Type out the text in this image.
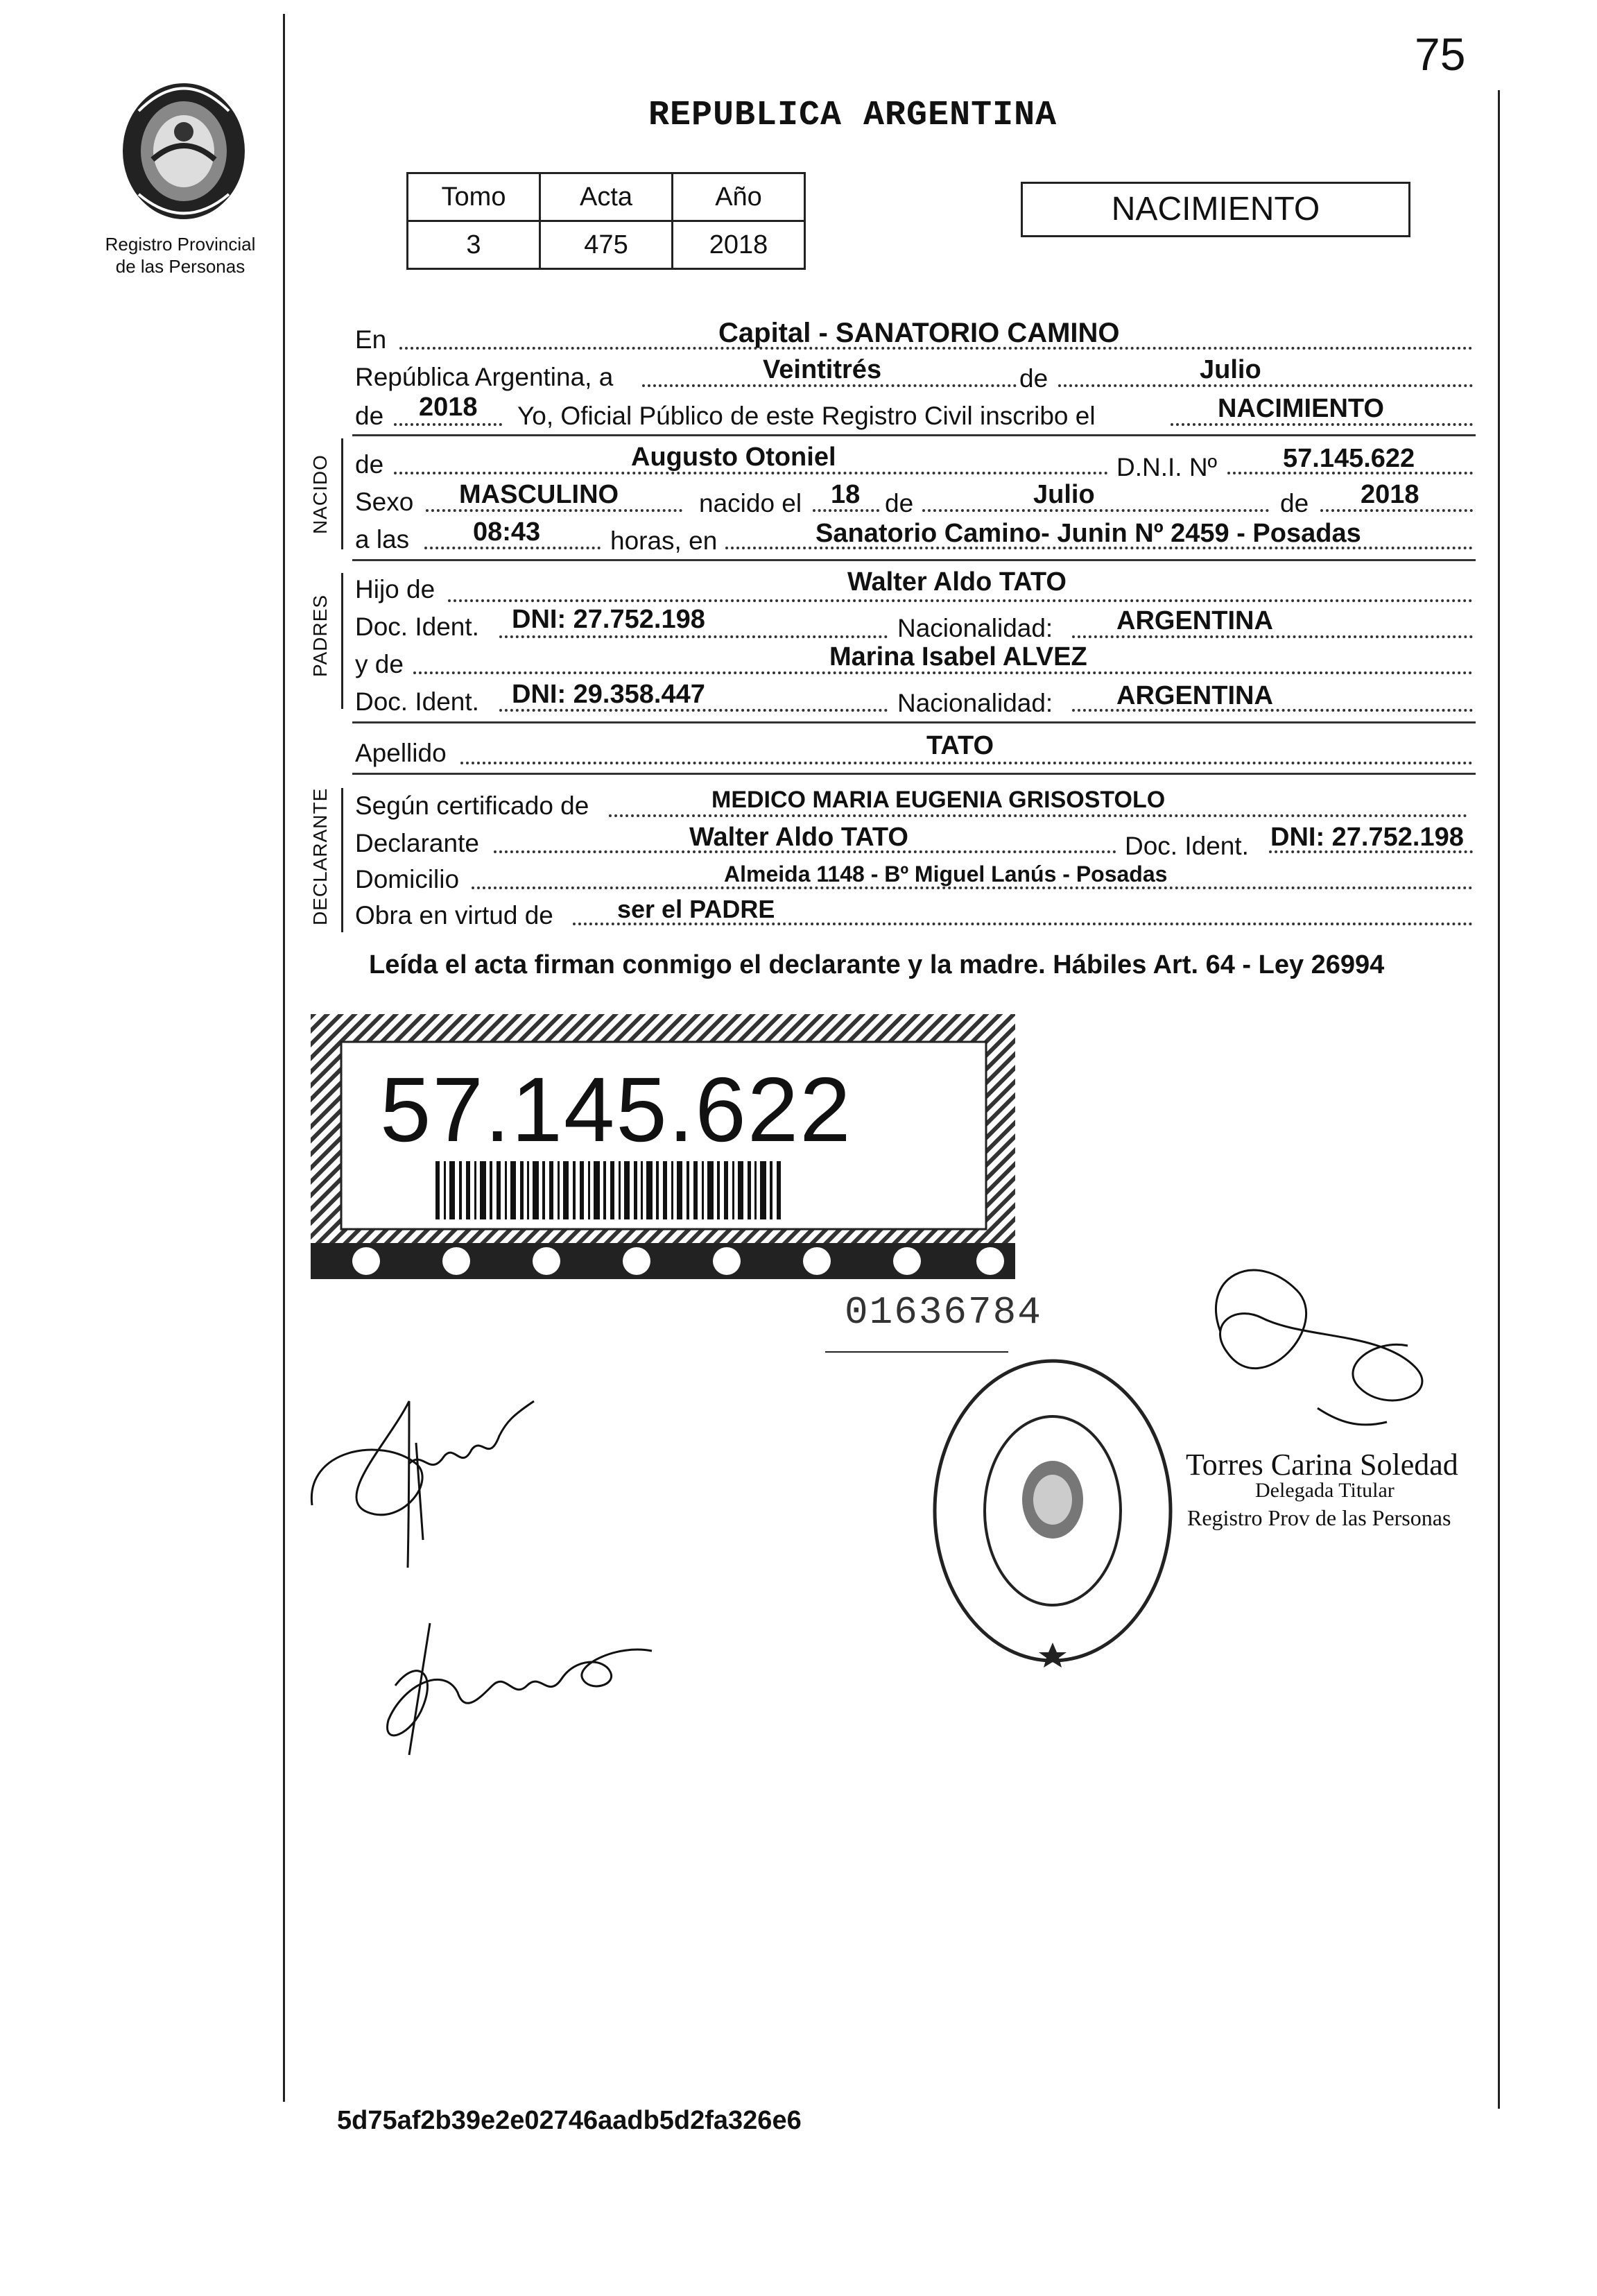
75
Registro Provincial
de las Personas
REPUBLICA ARGENTINA
Tomo	Acta	Año
3	475	2018
NACIMIENTO
En	Capital - SANATORIO CAMINO
República Argentina, a	Veintitrés	de	Julio
de 2018 Yo, Oficial Público de este Registro Civil inscribo el	NACIMIENTO
NACIDO de	Augusto Otoniel	D.N.I. Nº 57.145.622
Sexo MASCULINO	nacido el 18 de	Julio	de 2018
a las 08:43	horas, en	Sanatorio Camino- Junin Nº 2459 - Posadas
PADRES
Hijo de	Walter Aldo TATO
Doc. Ident. DNI: 27.752.198	Nacionalidad: ARGENTINA
y de	Marina Isabel ALVEZ
Doc. Ident. DNI: 29.358.447	Nacionalidad: ARGENTINA
Apellido	TATO
DECLARANTE Según certificado de	MEDICO MARIA EUGENIA GRISOSTOLO
Declarante	Walter Aldo TATO	Doc. Ident. DNI: 27.752.198
Domicilio	Almeida 1148 - Bº Miguel Lanús - Posadas
Obra en virtud de	ser el PADRE
Leída el acta firman conmigo el declarante y la madre. Hábiles Art. 64 - Ley 26994
57.145.622
01636784
Torres Carina Soledad
Delegada Titular
Registro Prov de las Personas
5d75af2b39e2e02746aadb5d2fa326e6
